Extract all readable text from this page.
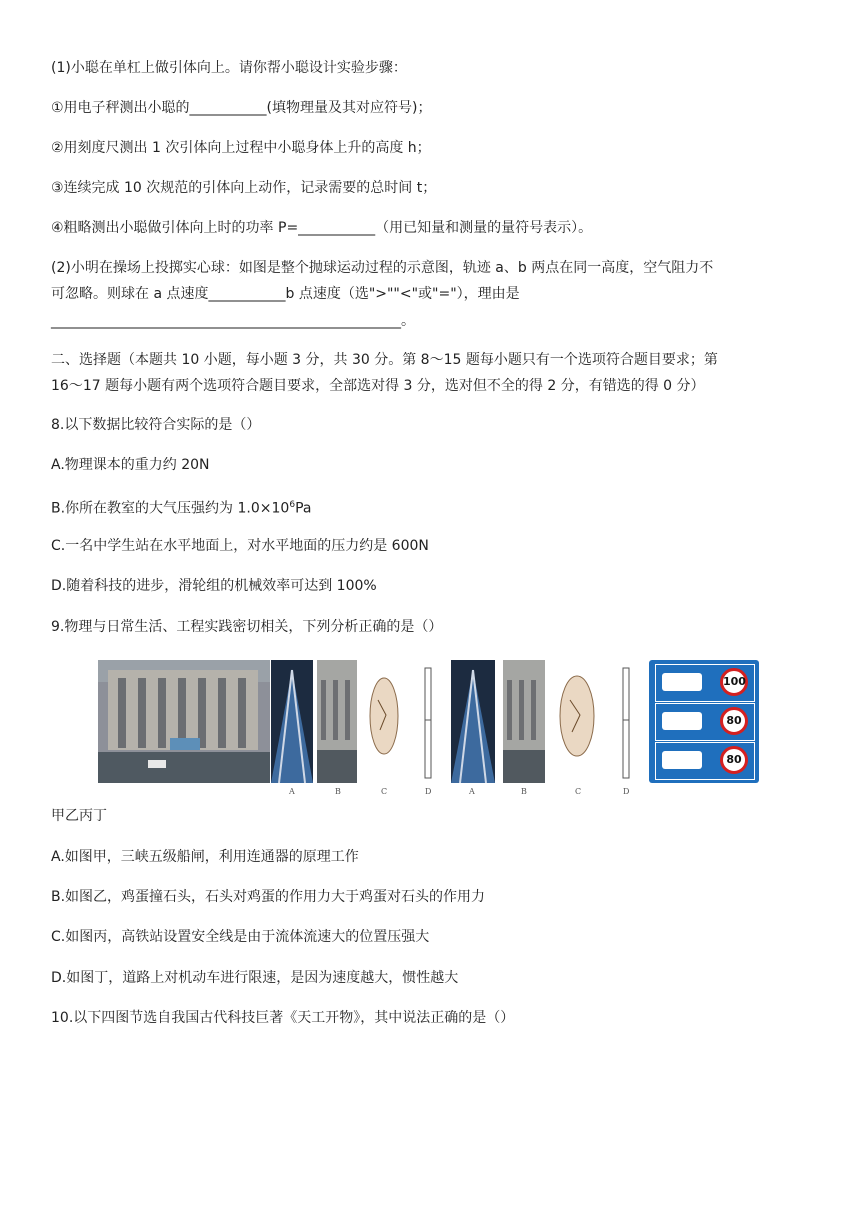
(1)小聪在单杠上做引体向上。请你帮小聪设计实验步骤：
①用电子秤测出小聪的___________(填物理量及其对应符号)；
②用刻度尺测出 1 次引体向上过程中小聪身体上升的高度 h；
③连续完成 10 次规范的引体向上动作，记录需要的总时间 t；
④粗略测出小聪做引体向上时的功率 P=___________（用已知量和测量的量符号表示）。
(2)小明在操场上投掷实心球：如图是整个抛球运动过程的示意图，轨迹 a、b 两点在同一高度，空气阻力不
可忽略。则球在 a 点速度___________b 点速度（选">""<"或"="），理由是
__________________________________________________。
二、选择题（本题共 10 小题，每小题 3 分，共 30 分。第 8～15 题每小题只有一个选项符合题目要求；第
16～17 题每小题有两个选项符合题目要求，全部选对得 3 分，选对但不全的得 2 分，有错选的得 0 分）
8.以下数据比较符合实际的是（）
A.物理课本的重力约 20N
B.你所在教室的大气压强约为 $1.0\times 10^6Pa$
C.一名中学生站在水平地面上，对水平地面的压力约是 600N
D.随着科技的进步，滑轮组的机械效率可达到 100%
9.物理与日常生活、工程实践密切相关，下列分析正确的是（）
A	B	C	D	A	B	C	D
100
80
80
甲乙丙丁
A.如图甲，三峡五级船闸，利用连通器的原理工作
B.如图乙，鸡蛋撞石头，石头对鸡蛋的作用力大于鸡蛋对石头的作用力
C.如图丙，高铁站设置安全线是由于流体流速大的位置压强大
D.如图丁，道路上对机动车进行限速，是因为速度越大，惯性越大
10.以下四图节选自我国古代科技巨著《天工开物》，其中说法正确的是（）
